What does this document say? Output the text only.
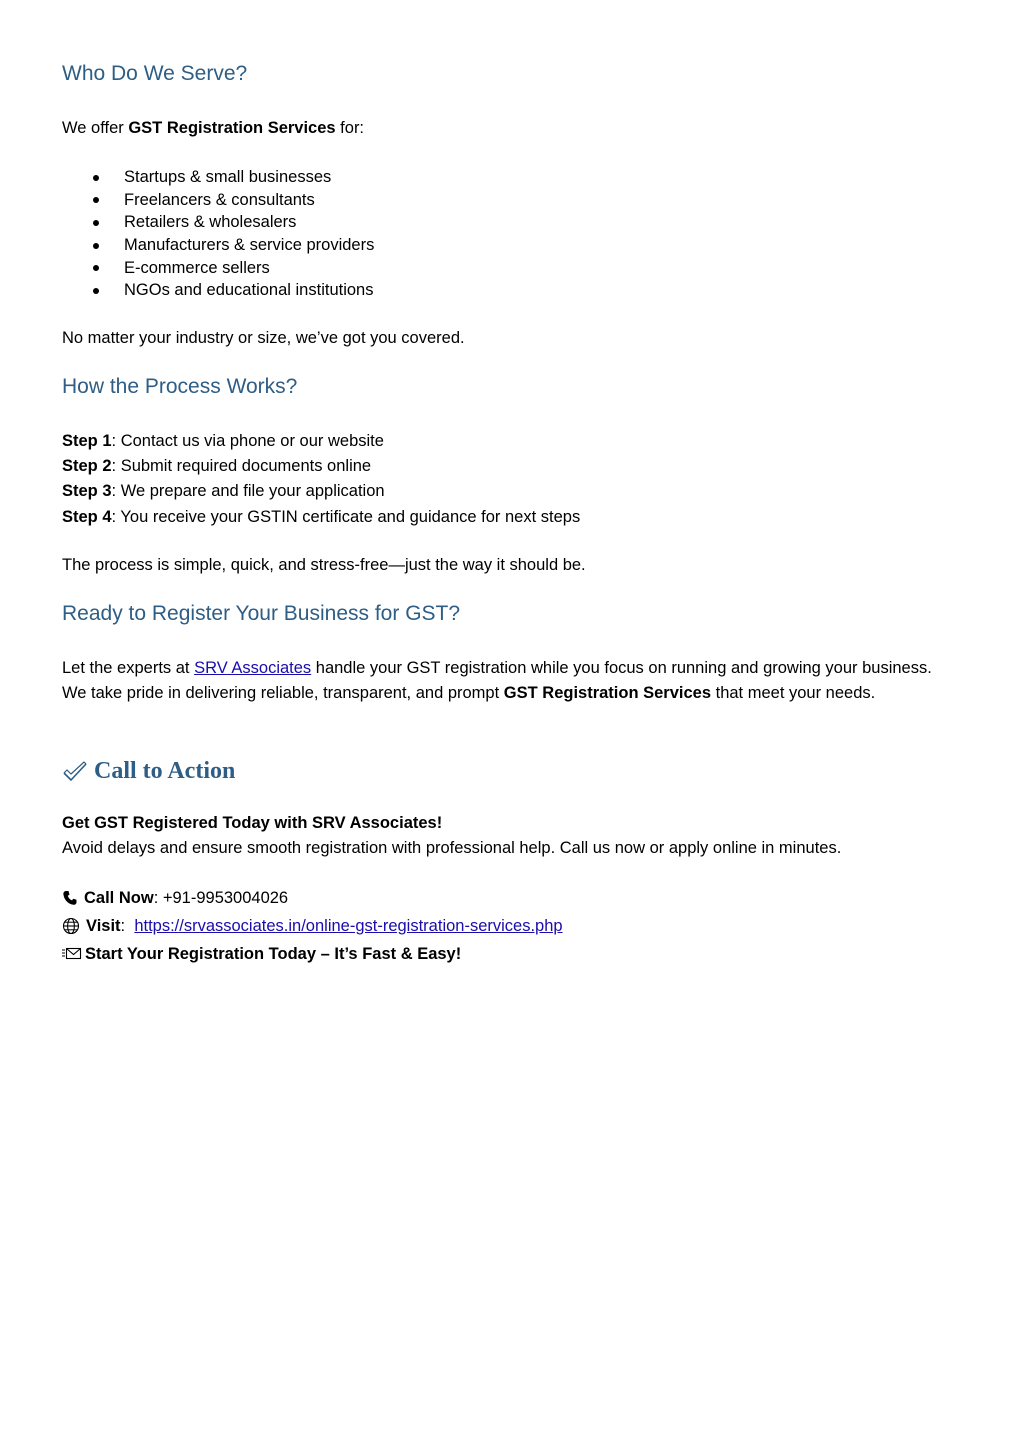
Who Do We Serve?
We offer GST Registration Services for:
Startups & small businesses
Freelancers & consultants
Retailers & wholesalers
Manufacturers & service providers
E-commerce sellers
NGOs and educational institutions
No matter your industry or size, we’ve got you covered.
How the Process Works?
Step 1: Contact us via phone or our website
Step 2: Submit required documents online
Step 3: We prepare and file your application
Step 4: You receive your GSTIN certificate and guidance for next steps
The process is simple, quick, and stress-free—just the way it should be.
Ready to Register Your Business for GST?

Let the experts at SRV Associates handle your GST registration while you focus on running and growing your business. We take pride in delivering reliable, transparent, and prompt GST Registration Services that meet your needs.

Call to Action
Get GST Registered Today with SRV Associates!
Avoid delays and ensure smooth registration with professional help. Call us now or apply online in minutes.
Call Now : +91-9953004026
Visit :
https://srvassociates.in/online-gst-registration-services.php
Start Your Registration Today – It’s Fast & Easy!
